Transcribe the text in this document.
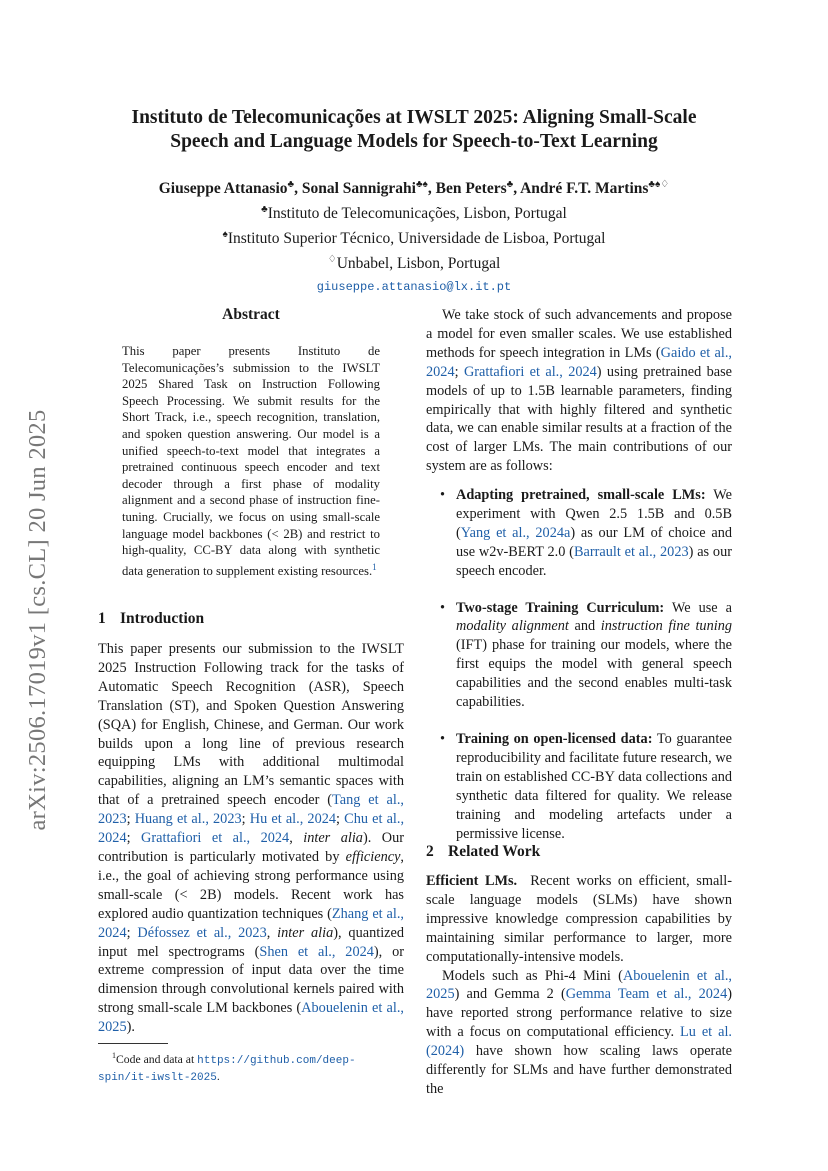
arXiv:2506.17019v1 [cs.CL] 20 Jun 2025
Instituto de Telecomunicações at IWSLT 2025: Aligning Small-Scale
Speech and Language Models for Speech-to-Text Learning
Giuseppe Attanasio♣, Sonal Sannigrahi♣♠, Ben Peters♣, André F.T. Martins♣♠♢
♣Instituto de Telecomunicações, Lisbon, Portugal
♠Instituto Superior Técnico, Universidade de Lisboa, Portugal
♢Unbabel, Lisbon, Portugal
giuseppe.attanasio@lx.it.pt
Abstract
This paper presents Instituto de Telecomunicações’s submission to the IWSLT 2025 Shared Task on Instruction Following Speech Processing. We submit results for the Short Track, i.e., speech recognition, translation, and spoken question answering. Our model is a unified speech-to-text model that integrates a pretrained continuous speech encoder and text decoder through a first phase of modality alignment and a second phase of instruction fine-tuning. Crucially, we focus on using small-scale language model backbones (< 2B) and restrict to high-quality, CC-BY data along with synthetic data generation to supplement existing resources.$^1$
1 Introduction

This paper presents our submission to the IWSLT 2025 Instruction Following track for the tasks of Automatic Speech Recognition (ASR), Speech Translation (ST), and Spoken Question Answering (SQA) for English, Chinese, and German. Our work builds upon a long line of previous research equipping LMs with additional multimodal capabilities, aligning an LM’s semantic spaces with that of a pretrained speech encoder (Tang et al., 2023; Huang et al., 2023; Hu et al., 2024; Chu et al., 2024; Grattafiori et al., 2024, inter alia). Our contribution is particularly motivated by efficiency, i.e., the goal of achieving strong performance using small-scale (< 2B) models. Recent work has explored audio quantization techniques (Zhang et al., 2024; Défossez et al., 2023, inter alia), quantized input mel spectrograms (Shen et al., 2024), or extreme compression of input data over the time dimension through convolutional kernels paired with strong small-scale LM backbones (Abouelenin et al., 2025).

$^1$Code and data at https://github.com/deep-spin/it-iwslt-2025.

We take stock of such advancements and propose a model for even smaller scales. We use established methods for speech integration in LMs (Gaido et al., 2024; Grattafiori et al., 2024) using pretrained base models of up to 1.5B learnable parameters, finding empirically that with highly filtered and synthetic data, we can enable similar results at a fraction of the cost of larger LMs. The main contributions of our system are as follows:

• Adapting pretrained, small-scale LMs: We experiment with Qwen 2.5 1.5B and 0.5B (Yang et al., 2024a) as our LM of choice and use w2v-BERT 2.0 (Barrault et al., 2023) as our speech encoder.
• Two-stage Training Curriculum: We use a modality alignment and instruction fine tuning (IFT) phase for training our models, where the first equips the model with general speech capabilities and the second enables multi-task capabilities.
• Training on open-licensed data: To guarantee reproducibility and facilitate future research, we train on established CC-BY data collections and synthetic data filtered for quality. We release training and modeling artefacts under a permissive license.
2 Related Work

Efficient LMs.  Recent works on efficient, small-scale language models (SLMs) have shown impressive knowledge compression capabilities by maintaining similar performance to larger, more computationally-intensive models.

Models such as Phi-4 Mini (Abouelenin et al., 2025) and Gemma 2 (Gemma Team et al., 2024) have reported strong performance relative to size with a focus on computational efficiency. Lu et al. (2024) have shown how scaling laws operate differently for SLMs and have further demonstrated the
